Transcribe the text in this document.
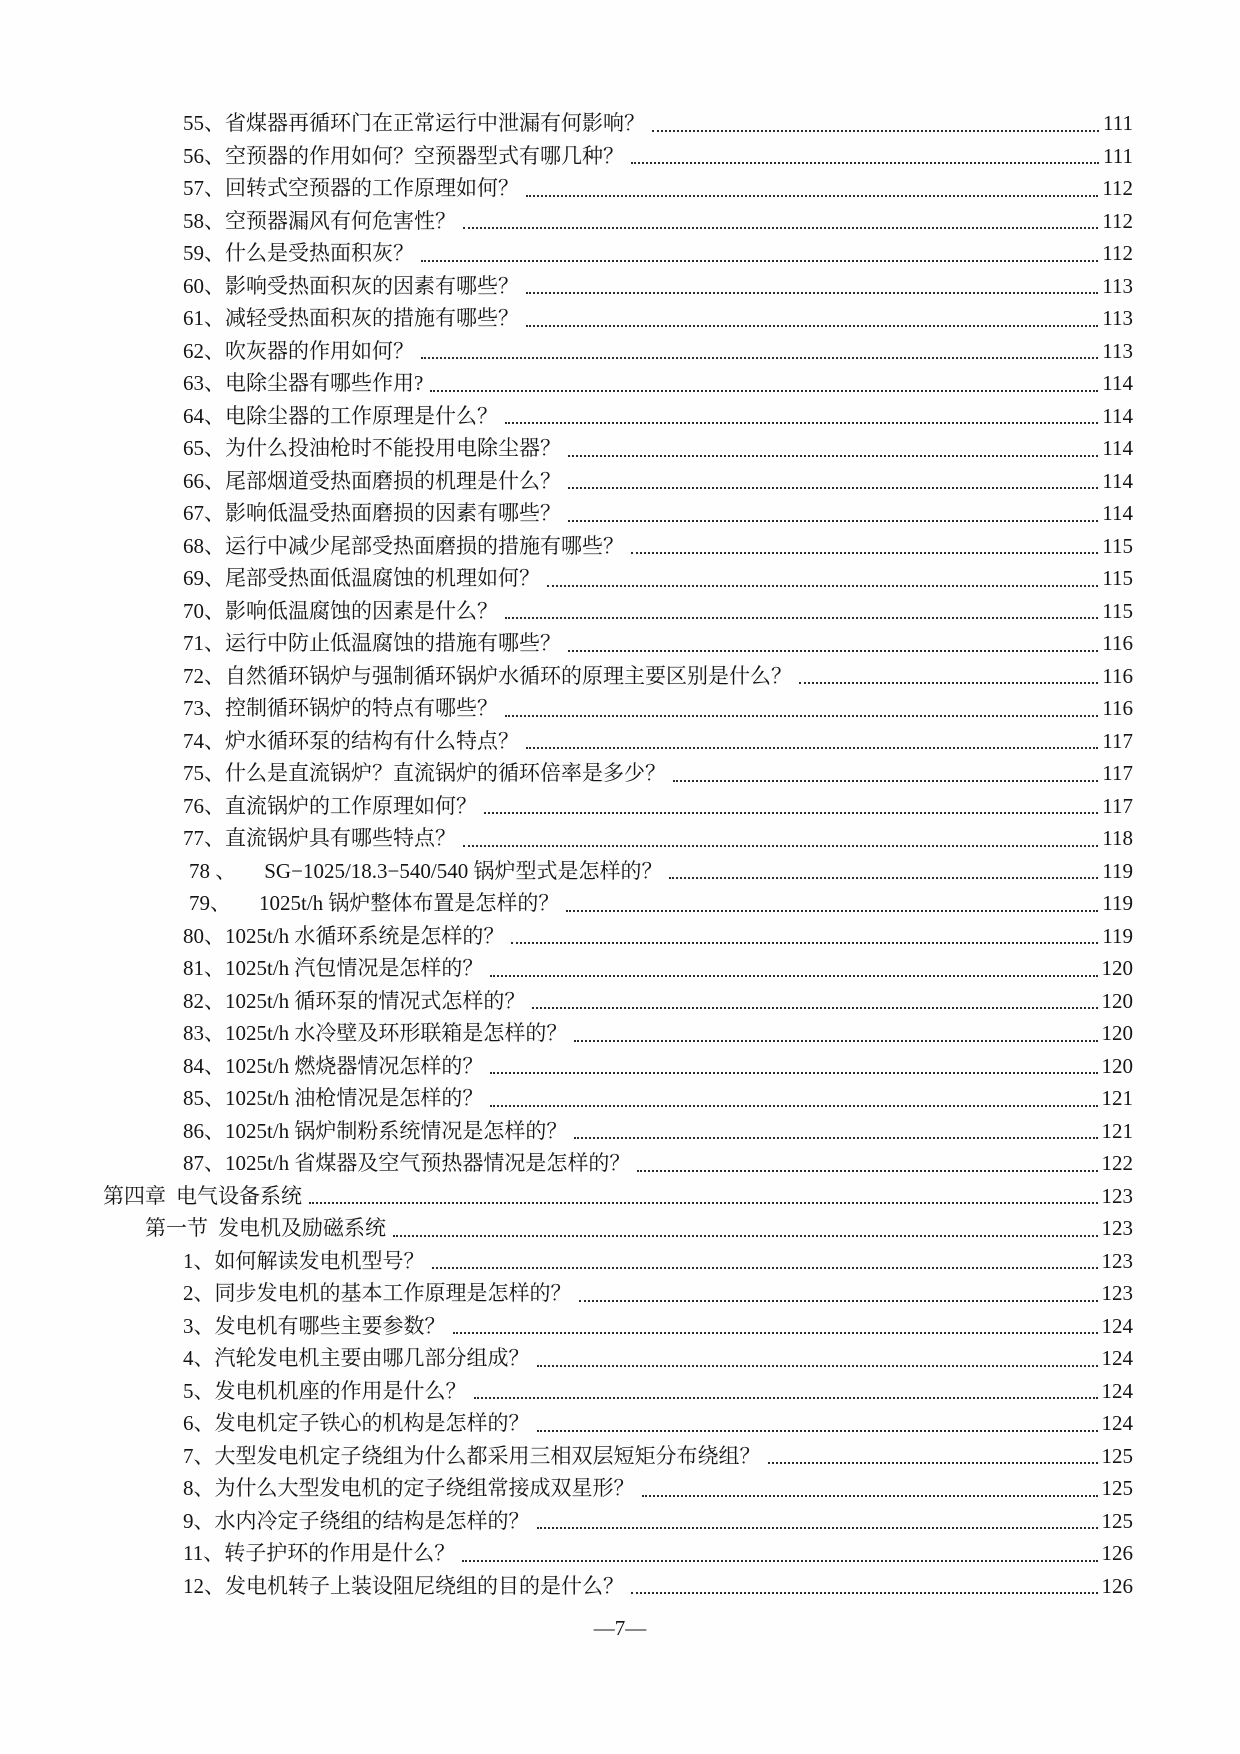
55、 省煤器再循环门在正常运行中泄漏有何影响？	111
56、 空预器的作用如何？空预器型式有哪几种？	111
57、 回转式空预器的工作原理如何？	112
58、 空预器漏风有何危害性？	112
59、 什么是受热面积灰？	112
60、 影响受热面积灰的因素有哪些？	113
61、 减轻受热面积灰的措施有哪些？	113
62、 吹灰器的作用如何？	113
63、 电除尘器有哪些作用?	114
64、 电除尘器的工作原理是什么？	114
65、 为什么投油枪时不能投用电除尘器？	114
66、 尾部烟道受热面磨损的机理是什么？	114
67、 影响低温受热面磨损的因素有哪些？	114
68、 运行中减少尾部受热面磨损的措施有哪些？	115
69、 尾部受热面低温腐蚀的机理如何？	115
70、 影响低温腐蚀的因素是什么？	115
71、 运行中防止低温腐蚀的措施有哪些？	116
72、 自然循环锅炉与强制循环锅炉水循环的原理主要区别是什么？	116
73、 控制循环锅炉的特点有哪些？	116
74、 炉水循环泵的结构有什么特点？	117
75、 什么是直流锅炉？直流锅炉的循环倍率是多少？	117
76、 直流锅炉的工作原理如何？	117
77、 直流锅炉具有哪些特点？	118
78 、 SG−1025/18.3−540/540 锅炉型式是怎样的？	119
79、 1025t/h 锅炉整体布置是怎样的？	119
80、 1025t/h 水循环系统是怎样的？	119
81、 1025t/h 汽包情况是怎样的？	120
82、 1025t/h 循环泵的情况式怎样的？	120
83、 1025t/h 水冷壁及环形联箱是怎样的？	120
84、 1025t/h 燃烧器情况怎样的？	120
85、 1025t/h 油枪情况是怎样的？	121
86、 1025t/h 锅炉制粉系统情况是怎样的？	121
87、 1025t/h 省煤器及空气预热器情况是怎样的？	122
第四章 电气设备系统	123
第一节 发电机及励磁系统	123
1、 如何解读发电机型号？	123
2、 同步发电机的基本工作原理是怎样的？	123
3、 发电机有哪些主要参数？	124
4、 汽轮发电机主要由哪几部分组成？	124
5、 发电机机座的作用是什么？	124
6、 发电机定子铁心的机构是怎样的？	124
7、 大型发电机定子绕组为什么都采用三相双层短矩分布绕组？	125
8、 为什么大型发电机的定子绕组常接成双星形？	125
9、 水内冷定子绕组的结构是怎样的？	125
11、 转子护环的作用是什么？	126
12、 发电机转子上装设阻尼绕组的目的是什么？	126
—7—
